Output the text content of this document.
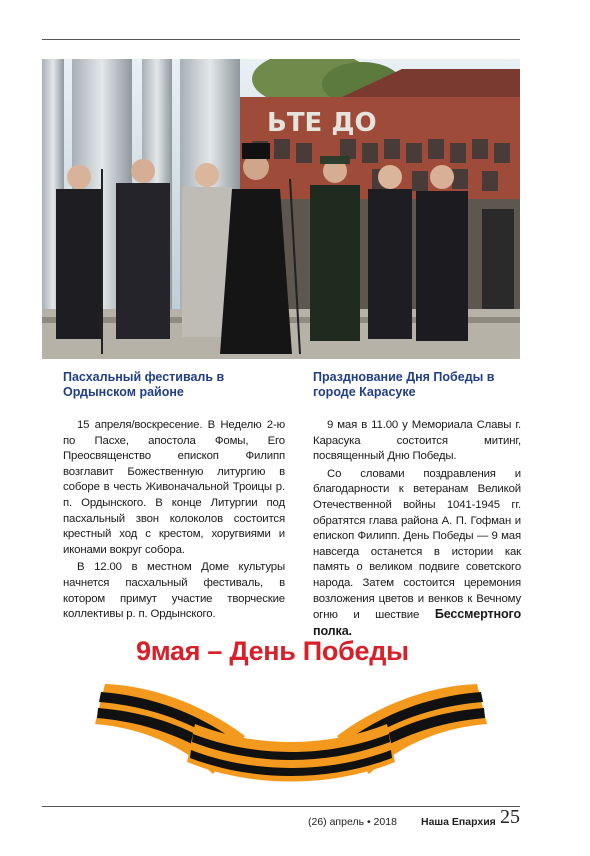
ЬТЕ ДО
Пасхальный фестиваль в Ордынском районе

15 апреля/воскресение. В Неделю 2-ю по Пасхе, апостола Фомы, Его Преосвященство епископ Филипп возглавит Божественную литургию в соборе в честь Живоначальной Троицы р. п. Ордынского. В конце Литургии под пасхальный звон колоколов состоится крестный ход с крестом, хоругвиями и иконами вокруг собора.

В 12.00 в местном Доме культуры начнется пасхальный фестиваль, в котором примут участие творческие коллективы р. п. Ордынского.

Празднование Дня Победы в городе Карасуке

9 мая в 11.00 у Мемориала Славы г. Карасука состоится митинг, посвященный Дню Победы.

Со словами поздравления и благодарности к ветеранам Великой Отечественной войны 1041-1945 гг. обратятся глава района А. П. Гофман и епископ Филипп. День Победы — 9 мая навсегда останется в истории как память о великом подвиге советского народа. Затем состоится церемония возложения цветов и венков к Вечному огню и шествие Бессмертного полка.

9мая – День Победы
(26) апрель • 2018 Наша Епархия 25
